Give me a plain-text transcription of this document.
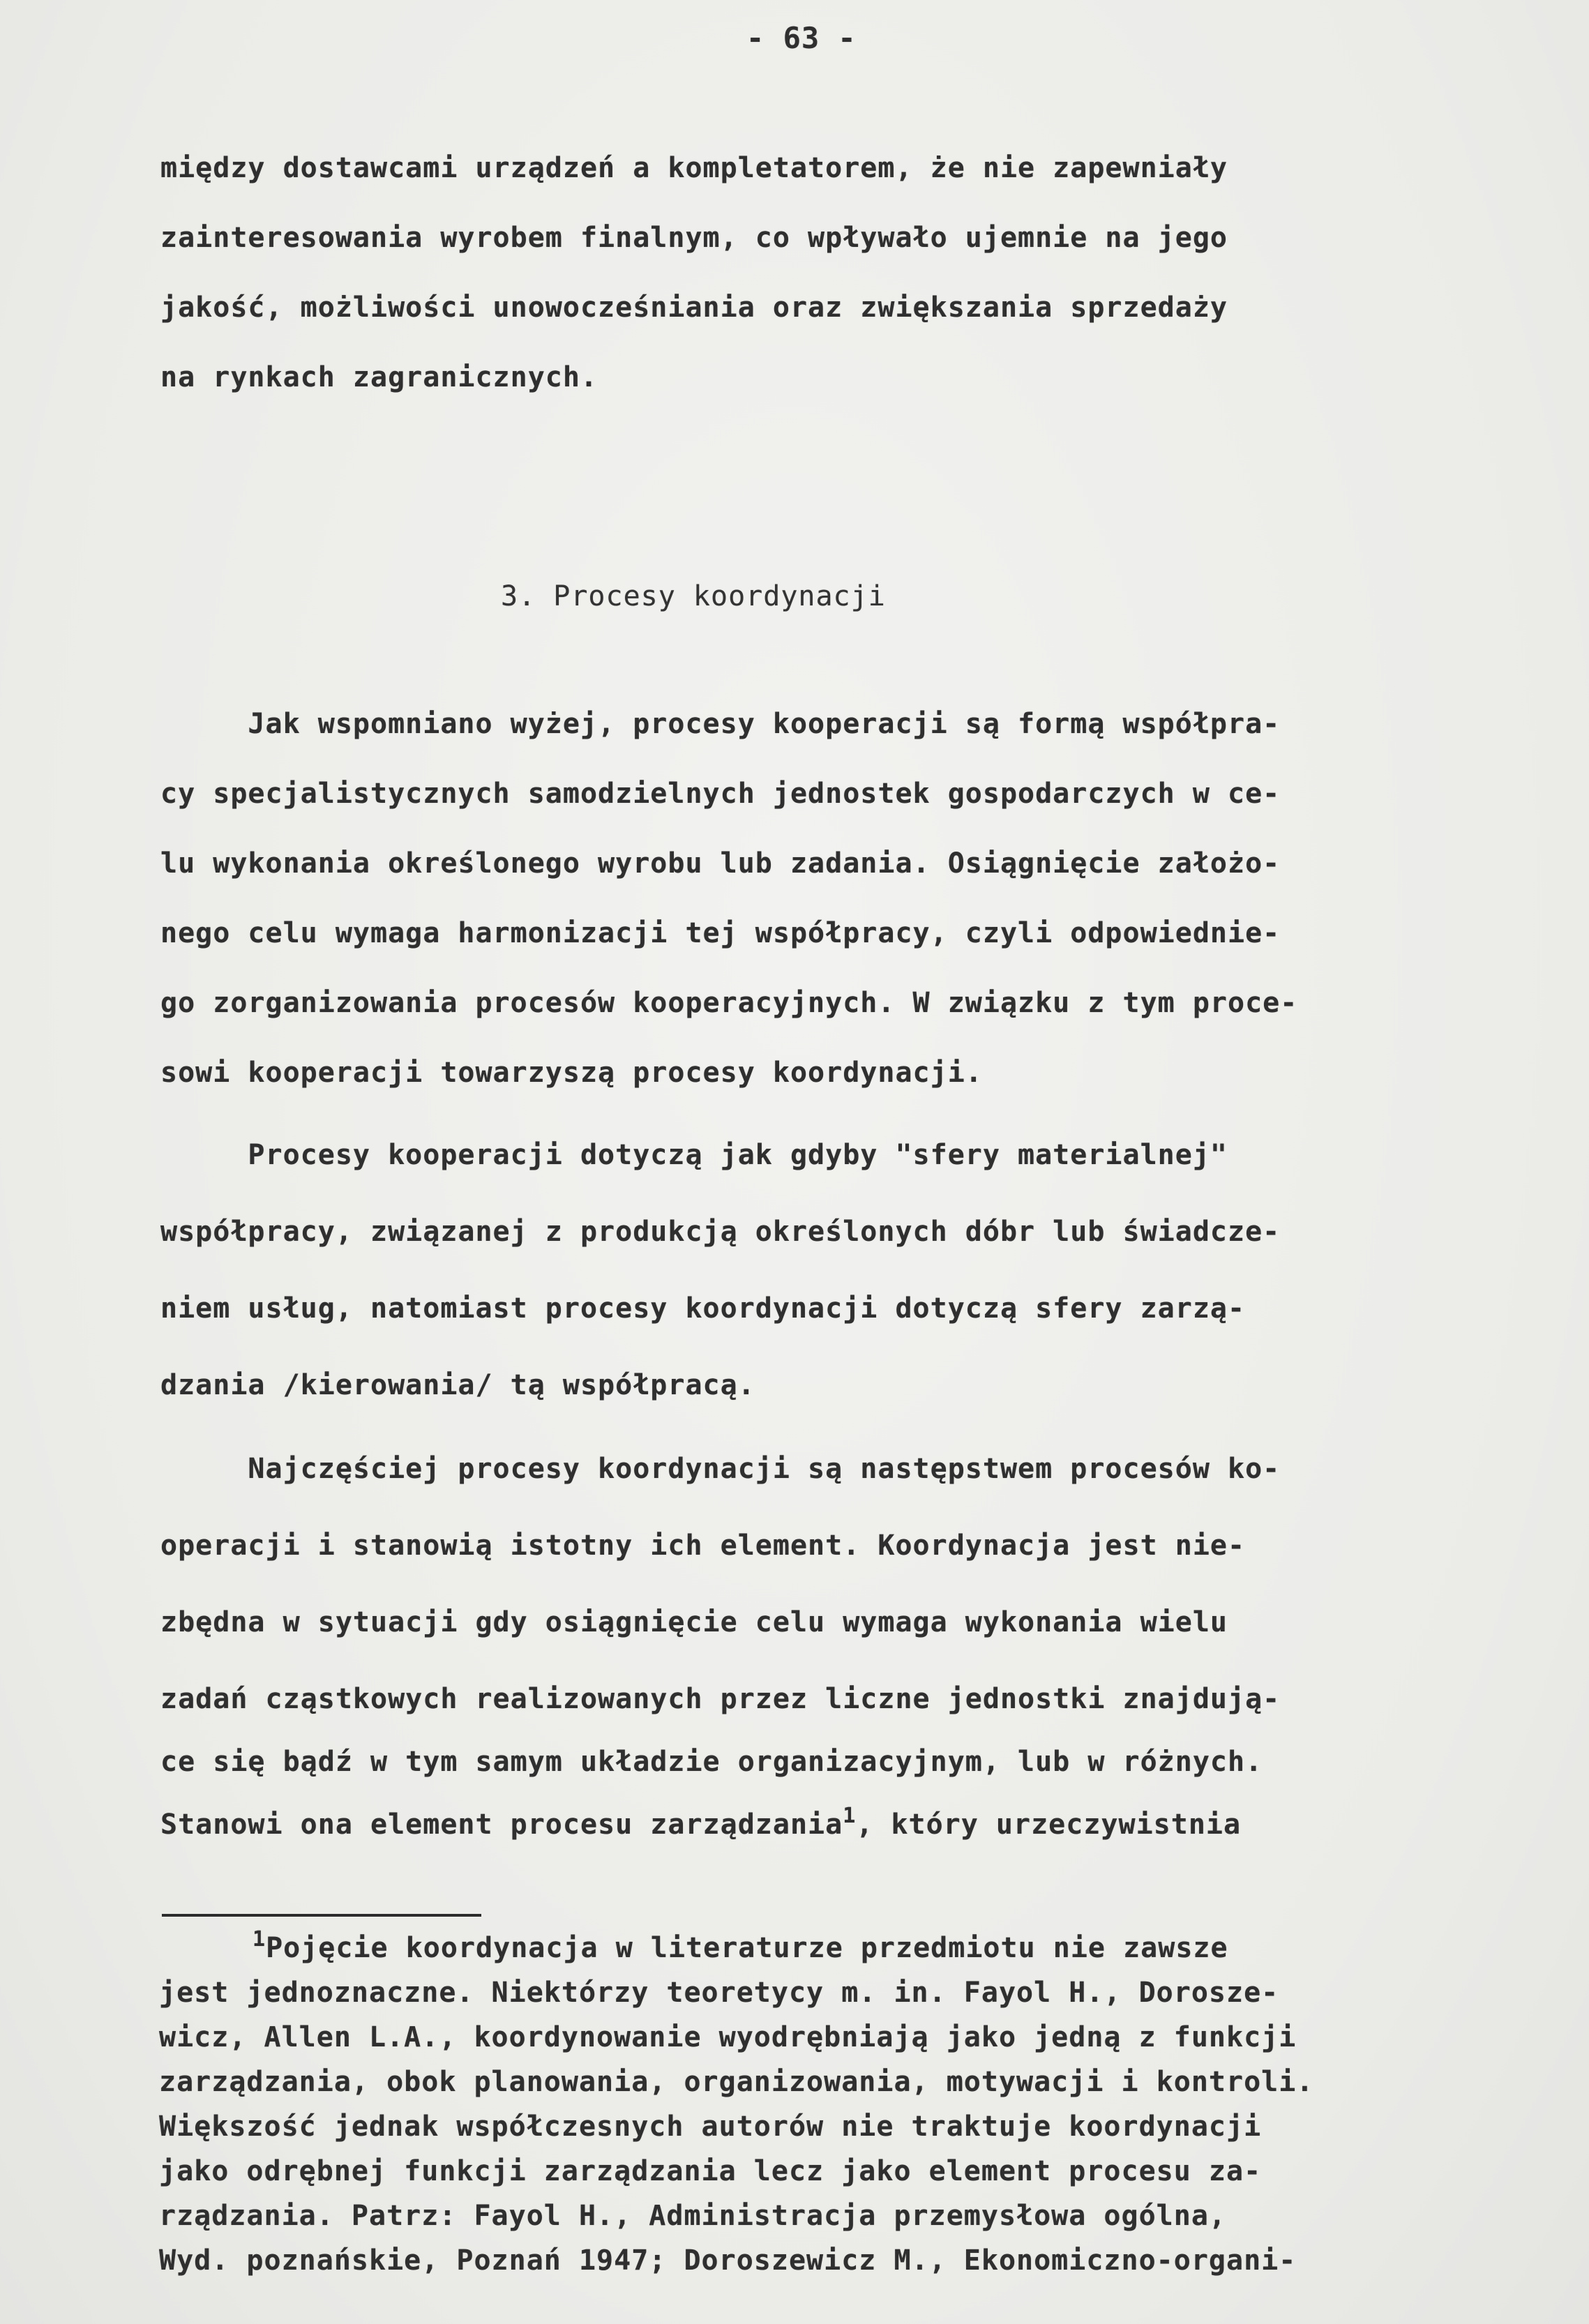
- 63 -
między dostawcami urządzeń a kompletatorem, że nie zapewniały
zainteresowania wyrobem finalnym, co wpływało ujemnie na jego
jakość, możliwości unowocześniania oraz zwiększania sprzedaży
na rynkach zagranicznych.
3. Procesy koordynacji
Jak wspomniano wyżej, procesy kooperacji są formą współpra-
cy specjalistycznych samodzielnych jednostek gospodarczych w ce-
lu wykonania określonego wyrobu lub zadania. Osiągnięcie założo-
nego celu wymaga harmonizacji tej współpracy, czyli odpowiednie-
go zorganizowania procesów kooperacyjnych. W związku z tym proce-
sowi kooperacji towarzyszą procesy koordynacji.
Procesy kooperacji dotyczą jak gdyby "sfery materialnej"
współpracy, związanej z produkcją określonych dóbr lub świadcze-
niem usług, natomiast procesy koordynacji dotyczą sfery zarzą-
dzania /kierowania/ tą współpracą.
Najczęściej procesy koordynacji są następstwem procesów ko-
operacji i stanowią istotny ich element. Koordynacja jest nie-
zbędna w sytuacji gdy osiągnięcie celu wymaga wykonania wielu
zadań cząstkowych realizowanych przez liczne jednostki znajdują-
ce się bądź w tym samym układzie organizacyjnym, lub w różnych.
Stanowi ona element procesu zarządzania$^1$, który urzeczywistnia
$^1$Pojęcie koordynacja w literaturze przedmiotu nie zawsze
jest jednoznaczne. Niektórzy teoretycy m. in. Fayol H., Dorosze-
wicz, Allen L.A., koordynowanie wyodrębniają jako jedną z funkcji
zarządzania, obok planowania, organizowania, motywacji i kontroli.
Większość jednak współczesnych autorów nie traktuje koordynacji
jako odrębnej funkcji zarządzania lecz jako element procesu za-
rządzania. Patrz: Fayol H., Administracja przemysłowa ogólna,
Wyd. poznańskie, Poznań 1947; Doroszewicz M., Ekonomiczno-organi-
